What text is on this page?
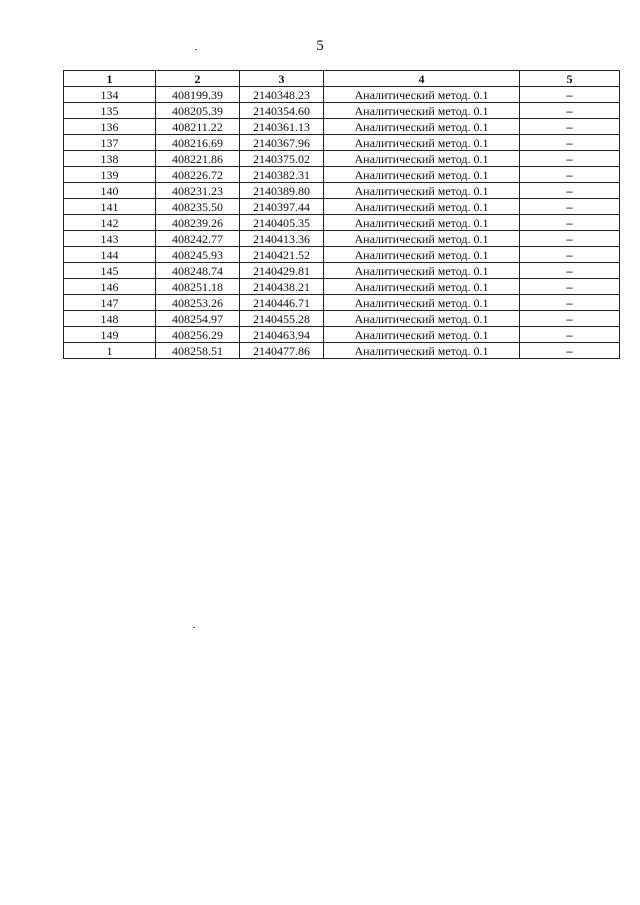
5
1	2	3	4	5
134	408199.39	2140348.23	Аналитический метод. 0.1	–
135	408205.39	2140354.60	Аналитический метод. 0.1	–
136	408211.22	2140361.13	Аналитический метод. 0.1	–
137	408216.69	2140367.96	Аналитический метод. 0.1	–
138	408221.86	2140375.02	Аналитический метод. 0.1	–
139	408226.72	2140382.31	Аналитический метод. 0.1	–
140	408231.23	2140389.80	Аналитический метод. 0.1	–
141	408235.50	2140397.44	Аналитический метод. 0.1	–
142	408239.26	2140405.35	Аналитический метод. 0.1	–
143	408242.77	2140413.36	Аналитический метод. 0.1	–
144	408245.93	2140421.52	Аналитический метод. 0.1	–
145	408248.74	2140429.81	Аналитический метод. 0.1	–
146	408251.18	2140438.21	Аналитический метод. 0.1	–
147	408253.26	2140446.71	Аналитический метод. 0.1	–
148	408254.97	2140455.28	Аналитический метод. 0.1	–
149	408256.29	2140463.94	Аналитический метод. 0.1	–
1	408258.51	2140477.86	Аналитический метод. 0.1	–
